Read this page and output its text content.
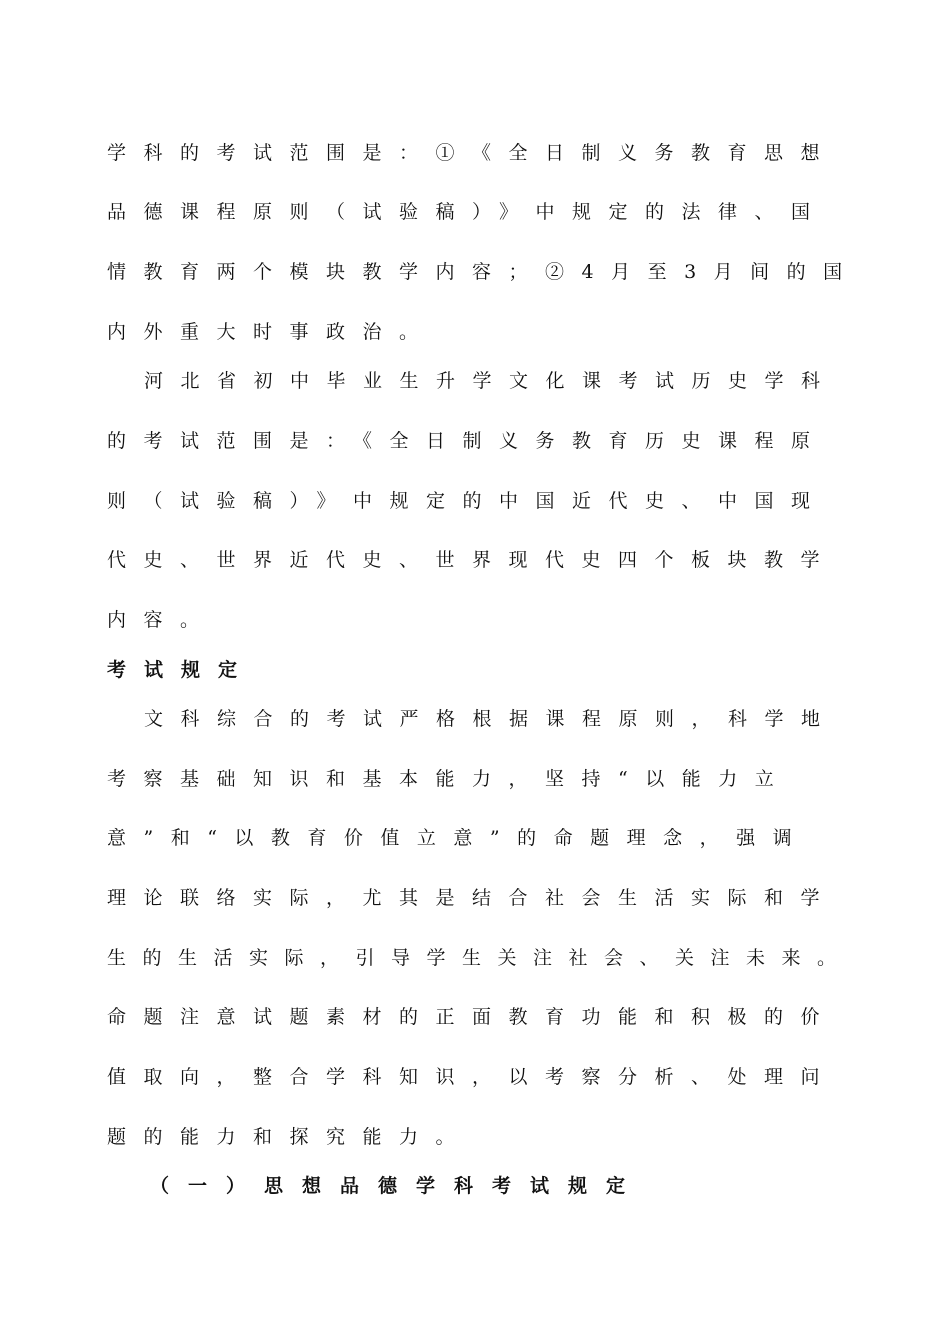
学科的考试范围是：①《全日制义务教育思想
品德课程原则（试验稿）》中规定的法律、国
情教育两个模块教学内容；②4月至3月间的国
内外重大时事政治。
河北省初中毕业生升学文化课考试历史学科
的考试范围是：《全日制义务教育历史课程原
则（试验稿）》中规定的中国近代史、中国现
代史、世界近代史、世界现代史四个板块教学
内容。
考试规定
文科综合的考试严格根据课程原则，科学地
考察基础知识和基本能力，坚持“以能力立
意”和“以教育价值立意”的命题理念，强调
理论联络实际，尤其是结合社会生活实际和学
生的生活实际，引导学生关注社会、关注未来。
命题注意试题素材的正面教育功能和积极的价
值取向，整合学科知识，以考察分析、处理问
题的能力和探究能力。
（一）思想品德学科考试规定
